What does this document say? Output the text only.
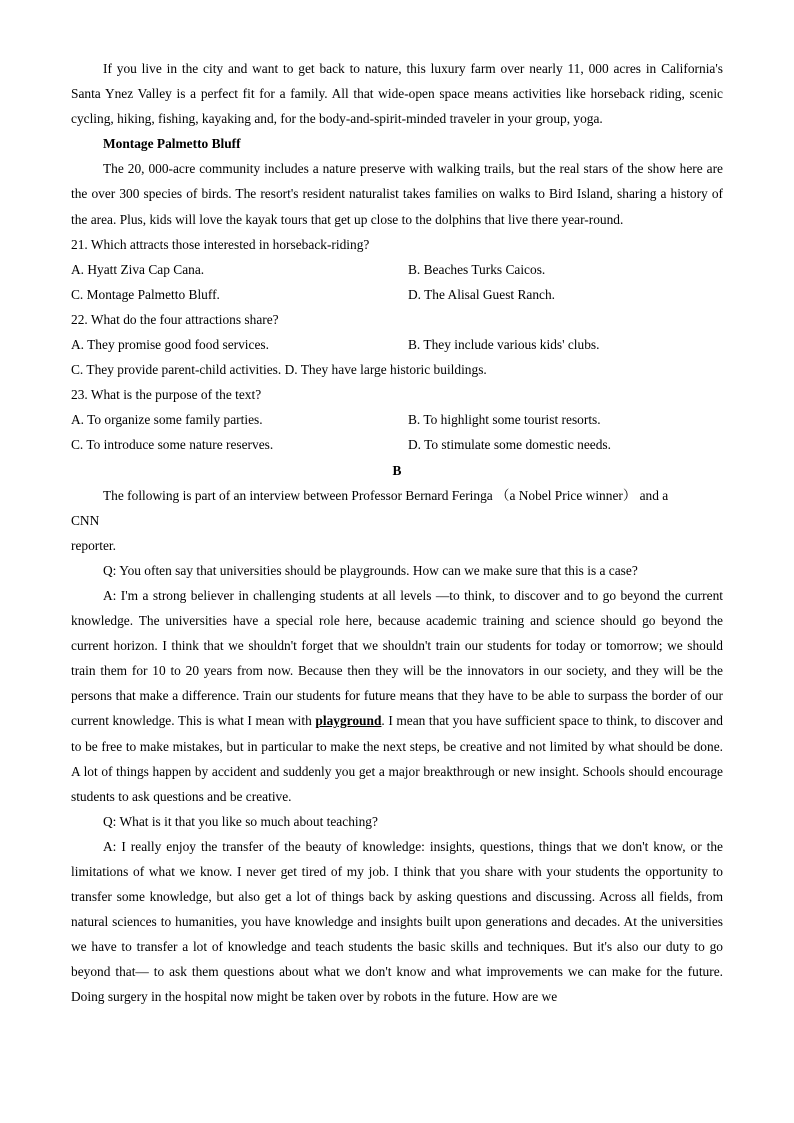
If you live in the city and want to get back to nature, this luxury farm over nearly 11, 000 acres in California's Santa Ynez Valley is a perfect fit for a family. All that wide-open space means activities like horseback riding, scenic cycling, hiking, fishing, kayaking and, for the body-and-spirit-minded traveler in your group, yoga.

Montage Palmetto Bluff

The 20, 000-acre community includes a nature preserve with walking trails, but the real stars of the show here are the over 300 species of birds. The resort's resident naturalist takes families on walks to Bird Island, sharing a history of the area. Plus, kids will love the kayak tours that get up close to the dolphins that live there year-round.

21. Which attracts those interested in horseback-riding?

A. Hyatt Ziva Cap Cana.	B. Beaches Turks Caicos.

C. Montage Palmetto Bluff.	D. The Alisal Guest Ranch.

22. What do the four attractions share?

A. They promise good food services.	B. They include various kids' clubs.

C. They provide parent-child activities. D. They have large historic buildings.

23. What is the purpose of the text?

A. To organize some family parties.	B. To highlight some tourist resorts.

C. To introduce some nature reserves.	D. To stimulate some domestic needs.

B

The following is part of an interview between Professor Bernard Feringa （a Nobel Price winner） and a

CNN

reporter.

Q: You often say that universities should be playgrounds. How can we make sure that this is a case?

A: I'm a strong believer in challenging students at all levels —to think, to discover and to go beyond the current knowledge. The universities have a special role here, because academic training and science should go beyond the current horizon. I think that we shouldn't forget that we shouldn't train our students for today or tomorrow; we should train them for 10 to 20 years from now. Because then they will be the innovators in our society, and they will be the persons that make a difference. Train our students for future means that they have to be able to surpass the border of our current knowledge. This is what I mean with playground. I mean that you have sufficient space to think, to discover and to be free to make mistakes, but in particular to make the next steps, be creative and not limited by what should be done. A lot of things happen by accident and suddenly you get a major breakthrough or new insight. Schools should encourage students to ask questions and be creative.

Q: What is it that you like so much about teaching?

A: I really enjoy the transfer of the beauty of knowledge: insights, questions, things that we don't know, or the limitations of what we know. I never get tired of my job. I think that you share with your students the opportunity to transfer some knowledge, but also get a lot of things back by asking questions and discussing. Across all fields, from natural sciences to humanities, you have knowledge and insights built upon generations and decades. At the universities we have to transfer a lot of knowledge and teach students the basic skills and techniques. But it's also our duty to go beyond that— to ask them questions about what we don't know and what improvements we can make for the future. Doing surgery in the hospital now might be taken over by robots in the future. How are we
